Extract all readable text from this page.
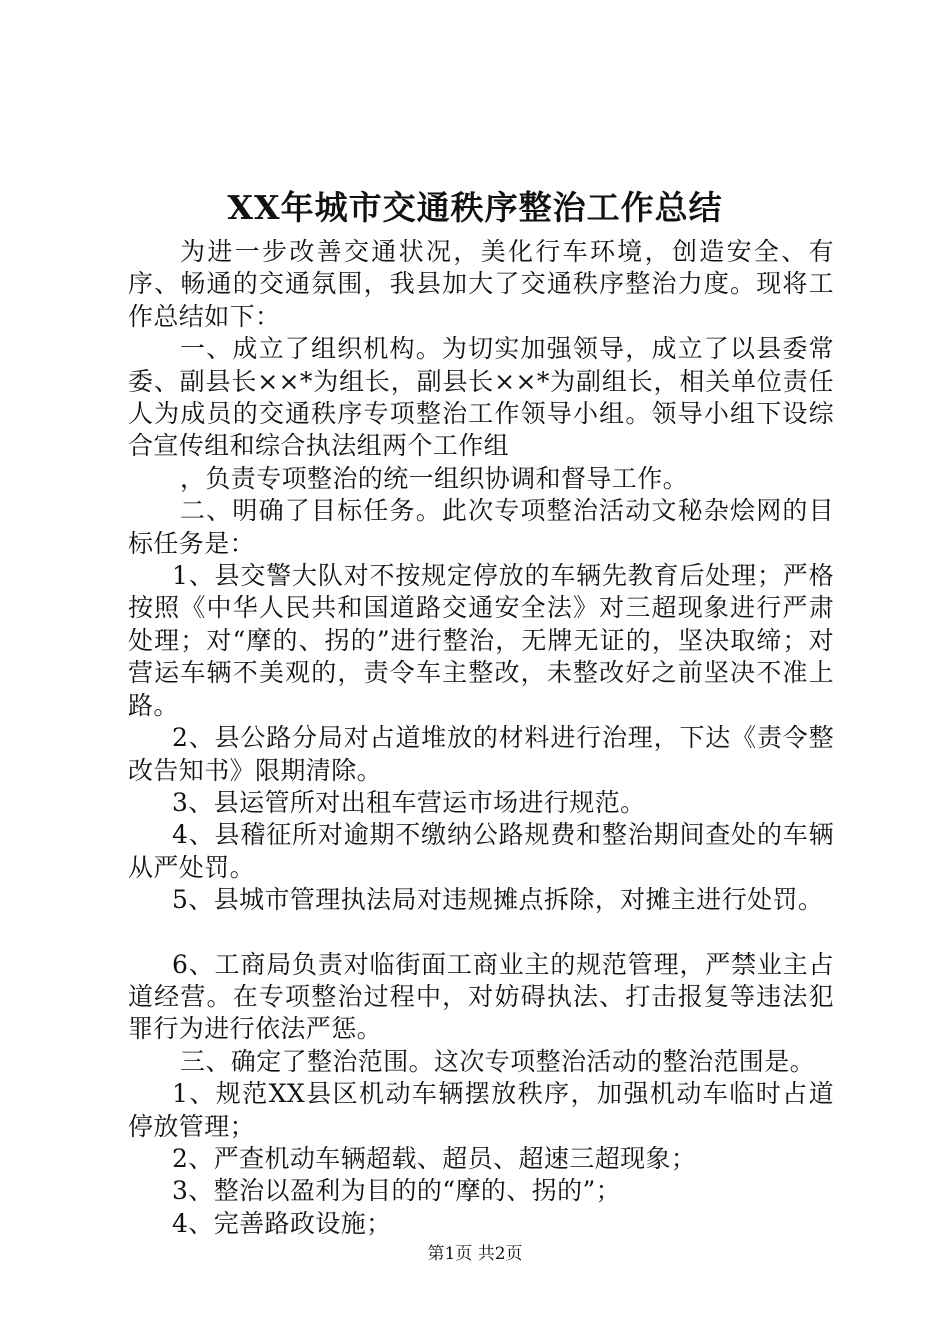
XX年城市交通秩序整治工作总结

为进一步改善交通状况，美化行车环境，创造安全、有序、畅通的交通氛围，我县加大了交通秩序整治力度。现将工作总结如下：

一、成立了组织机构。为切实加强领导，成立了以县委常委、副县长××*为组长，副县长××*为副组长，相关单位责任人为成员的交通秩序专项整治工作领导小组。领导小组下设综合宣传组和综合执法组两个工作组

，负责专项整治的统一组织协调和督导工作。

二、明确了目标任务。此次专项整治活动文秘杂烩网的目标任务是：

1、县交警大队对不按规定停放的车辆先教育后处理；严格按照《中华人民共和国道路交通安全法》对三超现象进行严肃处理；对“摩的、拐的”进行整治，无牌无证的，坚决取缔；对营运车辆不美观的，责令车主整改，未整改好之前坚决不准上路。

2、县公路分局对占道堆放的材料进行治理，下达《责令整改告知书》限期清除。

3、县运管所对出租车营运市场进行规范。

4、县稽征所对逾期不缴纳公路规费和整治期间查处的车辆从严处罚。

5、县城市管理执法局对违规摊点拆除，对摊主进行处罚。

6、工商局负责对临街面工商业主的规范管理，严禁业主占道经营。在专项整治过程中，对妨碍执法、打击报复等违法犯罪行为进行依法严惩。

三、确定了整治范围。这次专项整治活动的整治范围是。

1、规范XX县区机动车辆摆放秩序，加强机动车临时占道停放管理；

2、严查机动车辆超载、超员、超速三超现象；

3、整治以盈利为目的的“摩的、拐的”；

4、完善路政设施；

第1页 共2页
